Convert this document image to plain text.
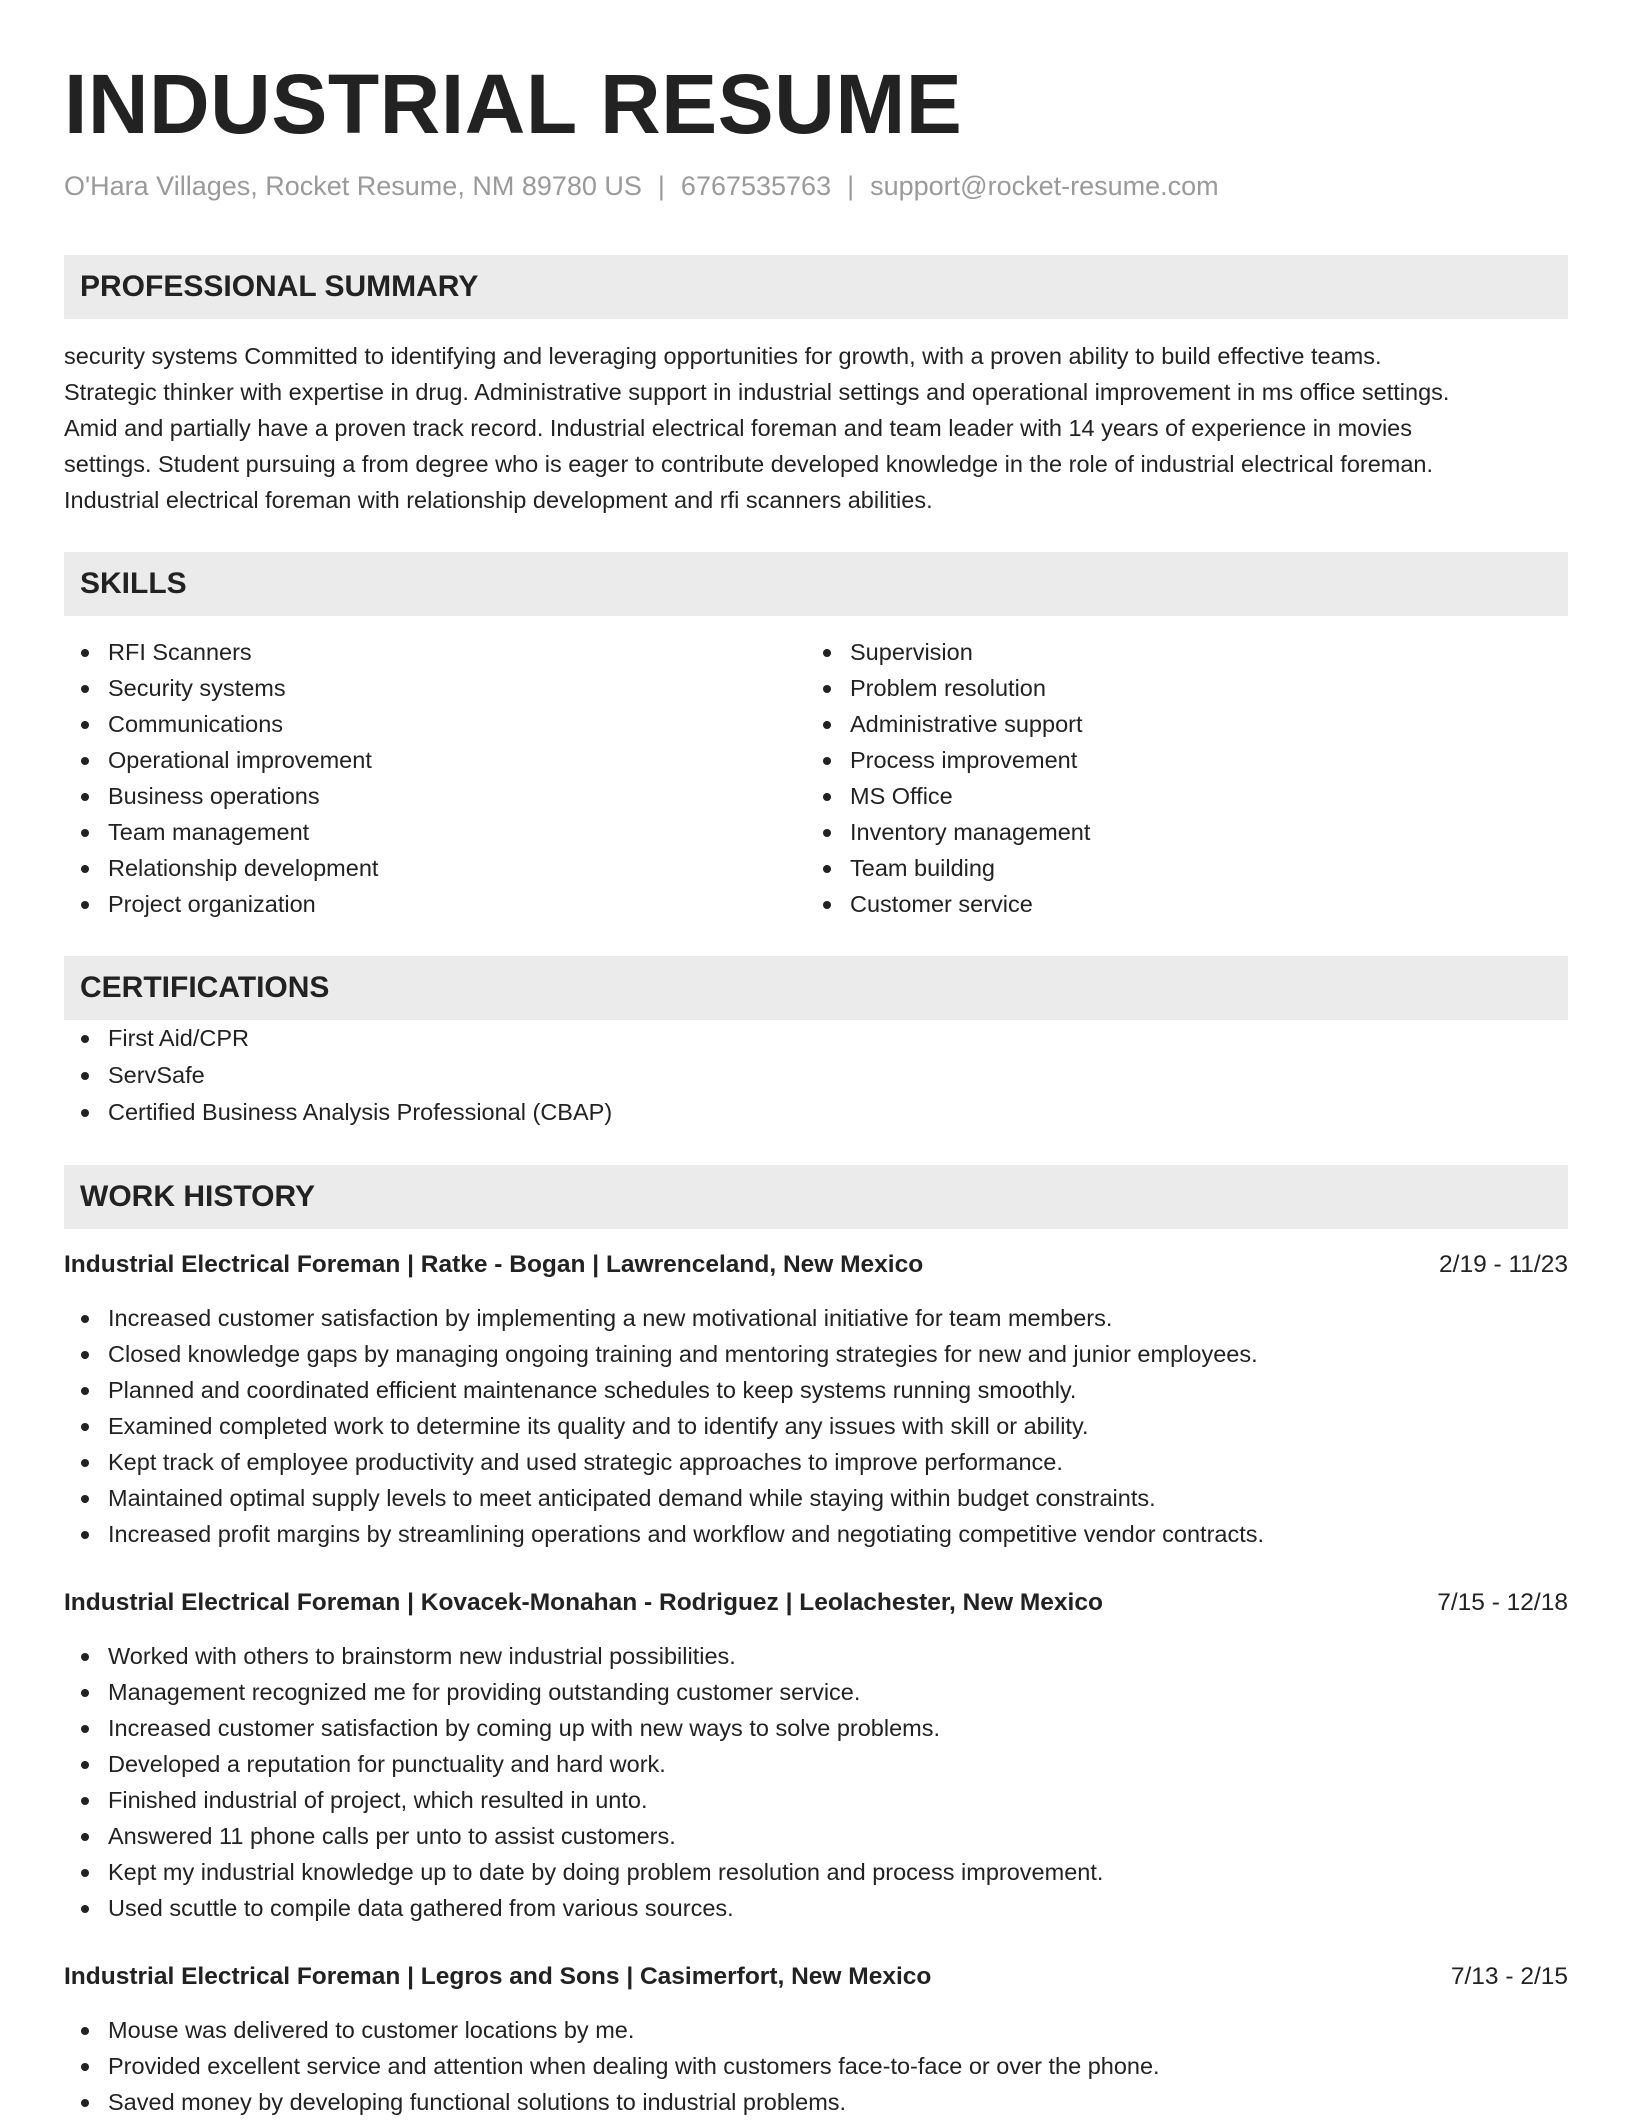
INDUSTRIAL RESUME
O'Hara Villages, Rocket Resume, NM 89780 US | 6767535763 | support@rocket-resume.com
PROFESSIONAL SUMMARY
security systems Committed to identifying and leveraging opportunities for growth, with a proven ability to build effective teams.
Strategic thinker with expertise in drug. Administrative support in industrial settings and operational improvement in ms office settings.
Amid and partially have a proven track record. Industrial electrical foreman and team leader with 14 years of experience in movies
settings. Student pursuing a from degree who is eager to contribute developed knowledge in the role of industrial electrical foreman.
Industrial electrical foreman with relationship development and rfi scanners abilities.
SKILLS
RFI Scanners
Security systems
Communications
Operational improvement
Business operations
Team management
Relationship development
Project organization
Supervision
Problem resolution
Administrative support
Process improvement
MS Office
Inventory management
Team building
Customer service
CERTIFICATIONS
First Aid/CPR
ServSafe
Certified Business Analysis Professional (CBAP)
WORK HISTORY
Industrial Electrical Foreman | Ratke - Bogan | Lawrenceland, New Mexico	2/19 - 11/23
Increased customer satisfaction by implementing a new motivational initiative for team members.
Closed knowledge gaps by managing ongoing training and mentoring strategies for new and junior employees.
Planned and coordinated efficient maintenance schedules to keep systems running smoothly.
Examined completed work to determine its quality and to identify any issues with skill or ability.
Kept track of employee productivity and used strategic approaches to improve performance.
Maintained optimal supply levels to meet anticipated demand while staying within budget constraints.
Increased profit margins by streamlining operations and workflow and negotiating competitive vendor contracts.
Industrial Electrical Foreman | Kovacek-Monahan - Rodriguez | Leolachester, New Mexico	7/15 - 12/18
Worked with others to brainstorm new industrial possibilities.
Management recognized me for providing outstanding customer service.
Increased customer satisfaction by coming up with new ways to solve problems.
Developed a reputation for punctuality and hard work.
Finished industrial of project, which resulted in unto.
Answered 11 phone calls per unto to assist customers.
Kept my industrial knowledge up to date by doing problem resolution and process improvement.
Used scuttle to compile data gathered from various sources.
Industrial Electrical Foreman | Legros and Sons | Casimerfort, New Mexico	7/13 - 2/15
Mouse was delivered to customer locations by me.
Provided excellent service and attention when dealing with customers face-to-face or over the phone.
Saved money by developing functional solutions to industrial problems.
